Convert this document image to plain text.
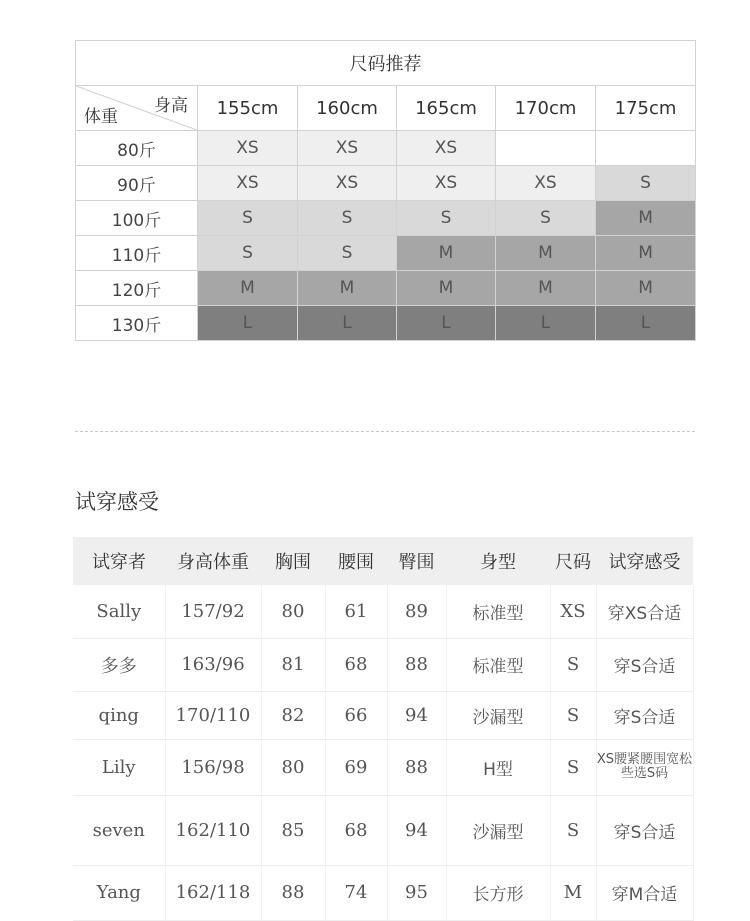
尺码推荐					

身高
体重	155cm	160cm	165cm	170cm	175cm
80斤	XS	XS	XS		
90斤	XS	XS	XS	XS	S
100斤	S	S	S	S	M
110斤	S	S	M	M	M
120斤	M	M	M	M	M
130斤	L	L	L	L	L
试穿感受
试穿者	身高体重	胸围	腰围	臀围	身型	尺码	试穿感受
Sally	157/92	80	61	89	标准型	XS	穿XS合适
多多	163/96	81	68	88	标准型	S	穿S合适
qing	170/110	82	66	94	沙漏型	S	穿S合适
Lily	156/98	80	69	88	H型	S	XS腰紧腰围宽松些选S码
seven	162/110	85	68	94	沙漏型	S	穿S合适
Yang	162/118	88	74	95	长方形	M	穿M合适
